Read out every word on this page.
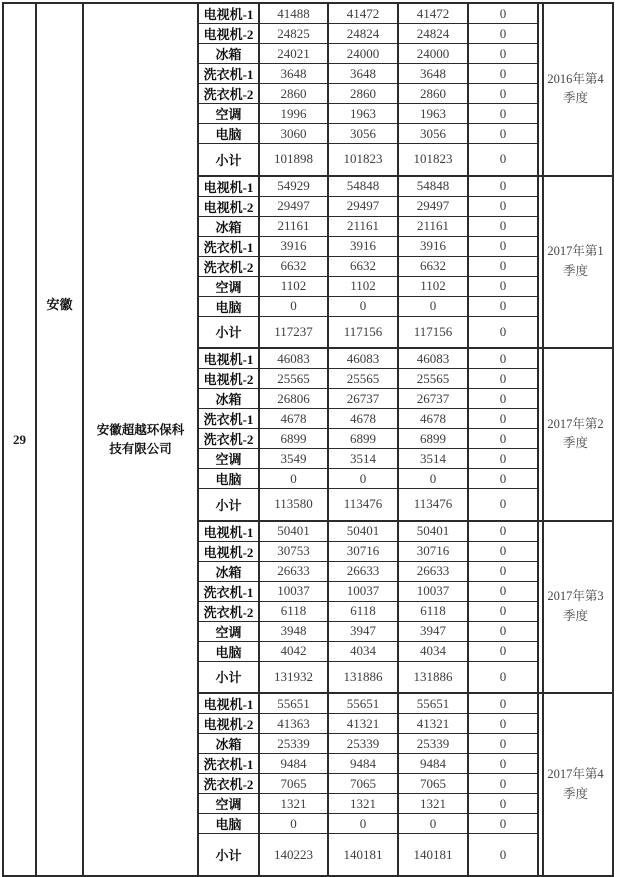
29	安徽	安徽超越环保科技有限公司	电视机-1	41488	41472	41472	0	2016年第4季度

			电视机-2	24825	24824	24824	0	
			冰箱	24021	24000	24000	0	
			洗衣机-1	3648	3648	3648	0	
			洗衣机-2	2860	2860	2860	0	
			空调	1996	1963	1963	0	
			电脑	3060	3056	3056	0	
			小计	101898	101823	101823	0	
			电视机-1	54929	54848	54848	0	2017年第1季度

			电视机-2	29497	29497	29497	0	
			冰箱	21161	21161	21161	0	
			洗衣机-1	3916	3916	3916	0	
			洗衣机-2	6632	6632	6632	0	
			空调	1102	1102	1102	0	
			电脑	0	0	0	0	
			小计	117237	117156	117156	0	
			电视机-1	46083	46083	46083	0	2017年第2季度

			电视机-2	25565	25565	25565	0	
			冰箱	26806	26737	26737	0	
			洗衣机-1	4678	4678	4678	0	
			洗衣机-2	6899	6899	6899	0	
			空调	3549	3514	3514	0	
			电脑	0	0	0	0	
			小计	113580	113476	113476	0	
			电视机-1	50401	50401	50401	0	2017年第3季度

			电视机-2	30753	30716	30716	0	
			冰箱	26633	26633	26633	0	
			洗衣机-1	10037	10037	10037	0	
			洗衣机-2	6118	6118	6118	0	
			空调	3948	3947	3947	0	
			电脑	4042	4034	4034	0	
			小计	131932	131886	131886	0	
			电视机-1	55651	55651	55651	0	2017年第4季度

			电视机-2	41363	41321	41321	0	
			冰箱	25339	25339	25339	0	
			洗衣机-1	9484	9484	9484	0	
			洗衣机-2	7065	7065	7065	0	
			空调	1321	1321	1321	0	
			电脑	0	0	0	0	
			小计	140223	140181	140181	0	
